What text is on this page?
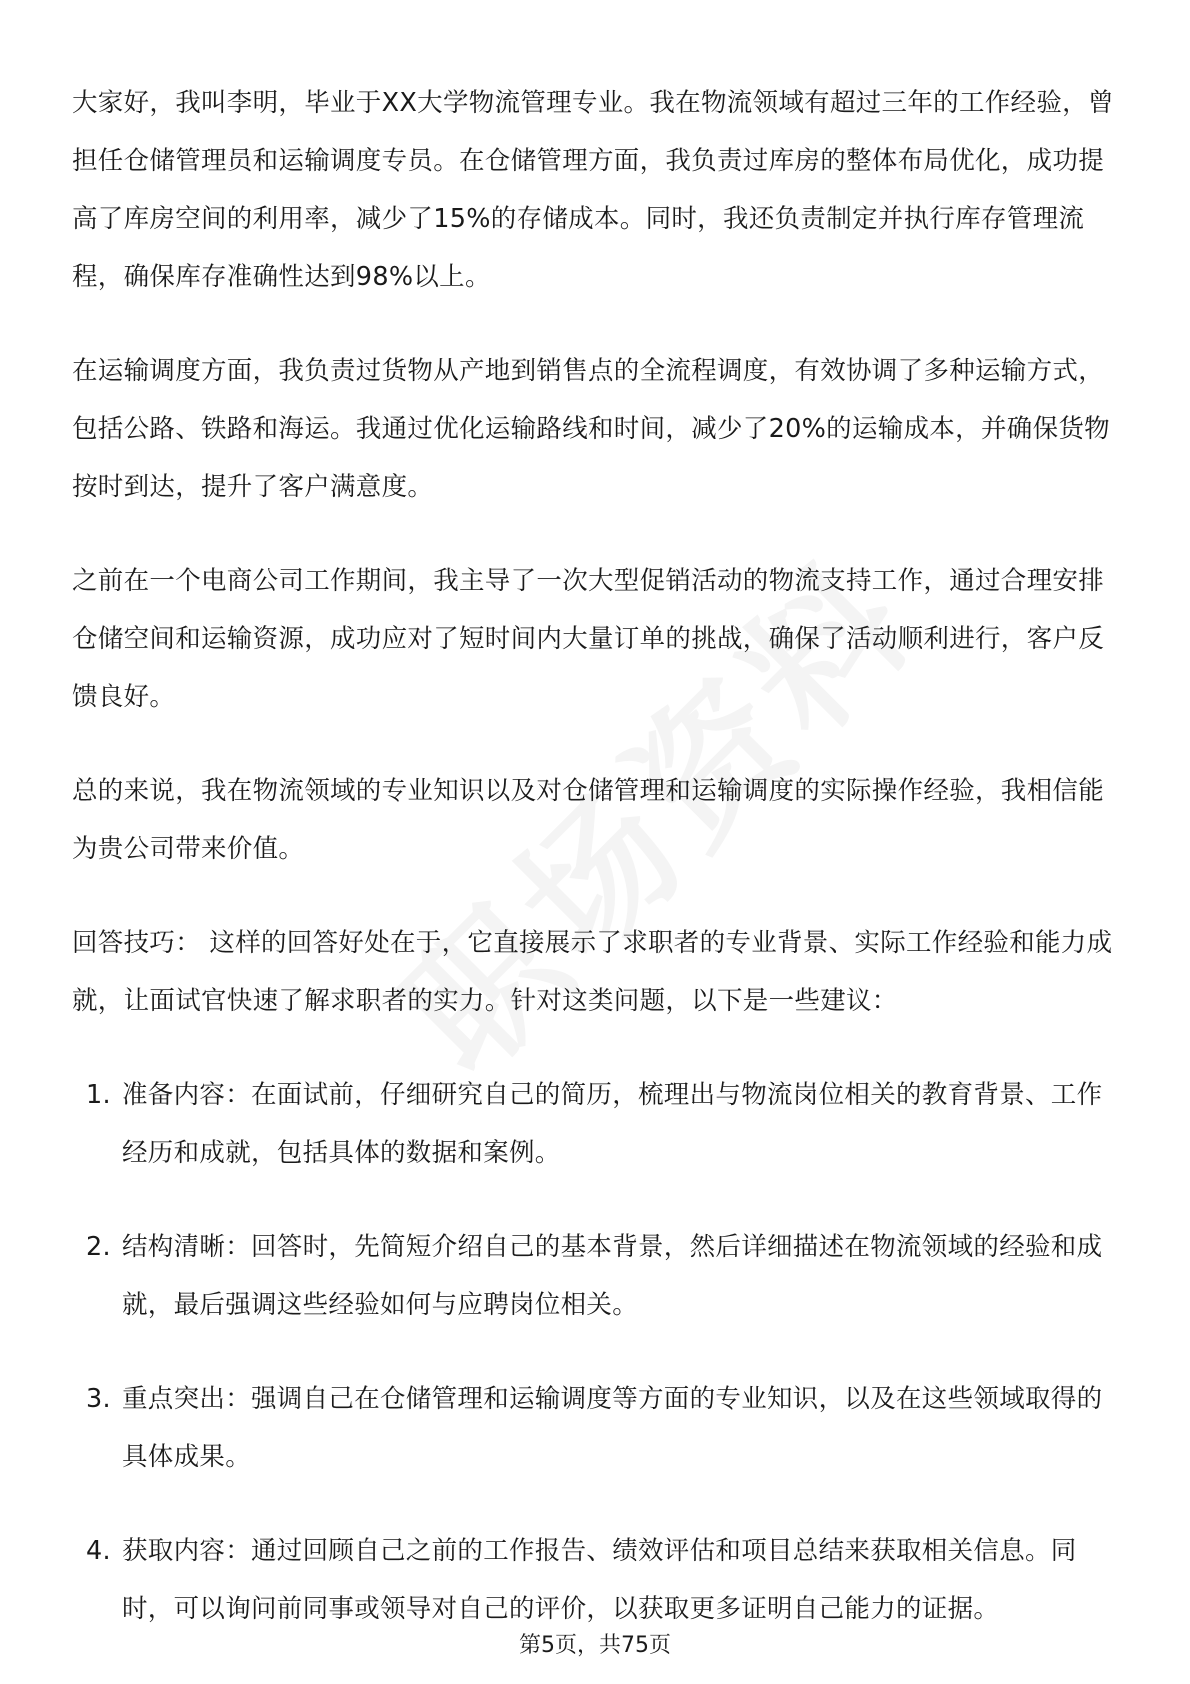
大家好，我叫李明，毕业于XX大学物流管理专业。我在物流领域有超过三年的工作经验，曾担任仓储管理员和运输调度专员。在仓储管理方面，我负责过库房的整体布局优化，成功提高了库房空间的利用率，减少了15%的存储成本。同时，我还负责制定并执行库存管理流程，确保库存准确性达到98%以上。

在运输调度方面，我负责过货物从产地到销售点的全流程调度，有效协调了多种运输方式，包括公路、铁路和海运。我通过优化运输路线和时间，减少了20%的运输成本，并确保货物按时到达，提升了客户满意度。

之前在一个电商公司工作期间，我主导了一次大型促销活动的物流支持工作，通过合理安排仓储空间和运输资源，成功应对了短时间内大量订单的挑战，确保了活动顺利进行，客户反馈良好。

总的来说，我在物流领域的专业知识以及对仓储管理和运输调度的实际操作经验，我相信能为贵公司带来价值。

回答技巧： 这样的回答好处在于，它直接展示了求职者的专业背景、实际工作经验和能力成就，让面试官快速了解求职者的实力。针对这类问题，以下是一些建议：

1. 准备内容：在面试前，仔细研究自己的简历，梳理出与物流岗位相关的教育背景、工作经历和成就，包括具体的数据和案例。
2. 结构清晰：回答时，先简短介绍自己的基本背景，然后详细描述在物流领域的经验和成就，最后强调这些经验如何与应聘岗位相关。
3. 重点突出：强调自己在仓储管理和运输调度等方面的专业知识，以及在这些领域取得的具体成果。
4. 获取内容：通过回顾自己之前的工作报告、绩效评估和项目总结来获取相关信息。同时，可以询问前同事或领导对自己的评价，以获取更多证明自己能力的证据。
第5页，共75页
